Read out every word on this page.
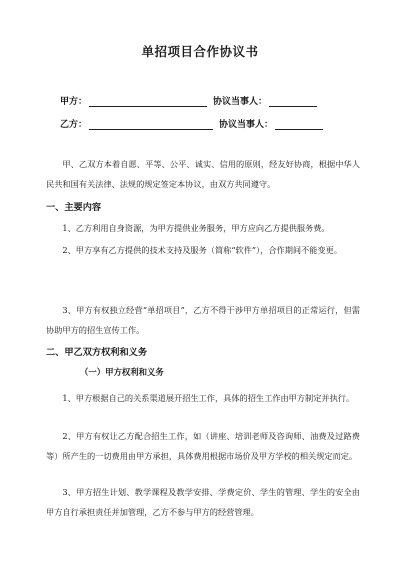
单招项目合作协议书
甲方：	协议当事人：
乙方：	协议当事人：
甲、乙双方本着自愿、平等、公平、诚实、信用的原则，经友好协商，根据中华人民共和国有关法律、法规的规定签定本协议，由双方共同遵守。
一、主要内容
1、乙方利用自身资源，为甲方提供业务服务，甲方应向乙方提供服务费。
2、甲方享有乙方提供的技术支持及服务（简称“软件”），合作期间不能变更。
3、甲方有权独立经营“单招项目”，乙方不得干涉甲方单招项目的正常运行，但需协助甲方的招生宣传工作。
二、甲乙双方权利和义务
（一）甲方权利和义务
1、甲方根据自己的关系渠道展开招生工作，具体的招生工作由甲方制定并执行。
2、甲方有权让乙方配合招生工作，如（讲座、培训老师及咨询师、油费及过路费等）所产生的一切费用由甲方承担，具体费用根据市场价及甲方学校的相关规定而定。
3、甲方招生计划、教学课程及教学安排、学费定价、学生的管理、学生的安全由甲方自行承担责任并加管理，乙方不参与甲方的经营管理。
